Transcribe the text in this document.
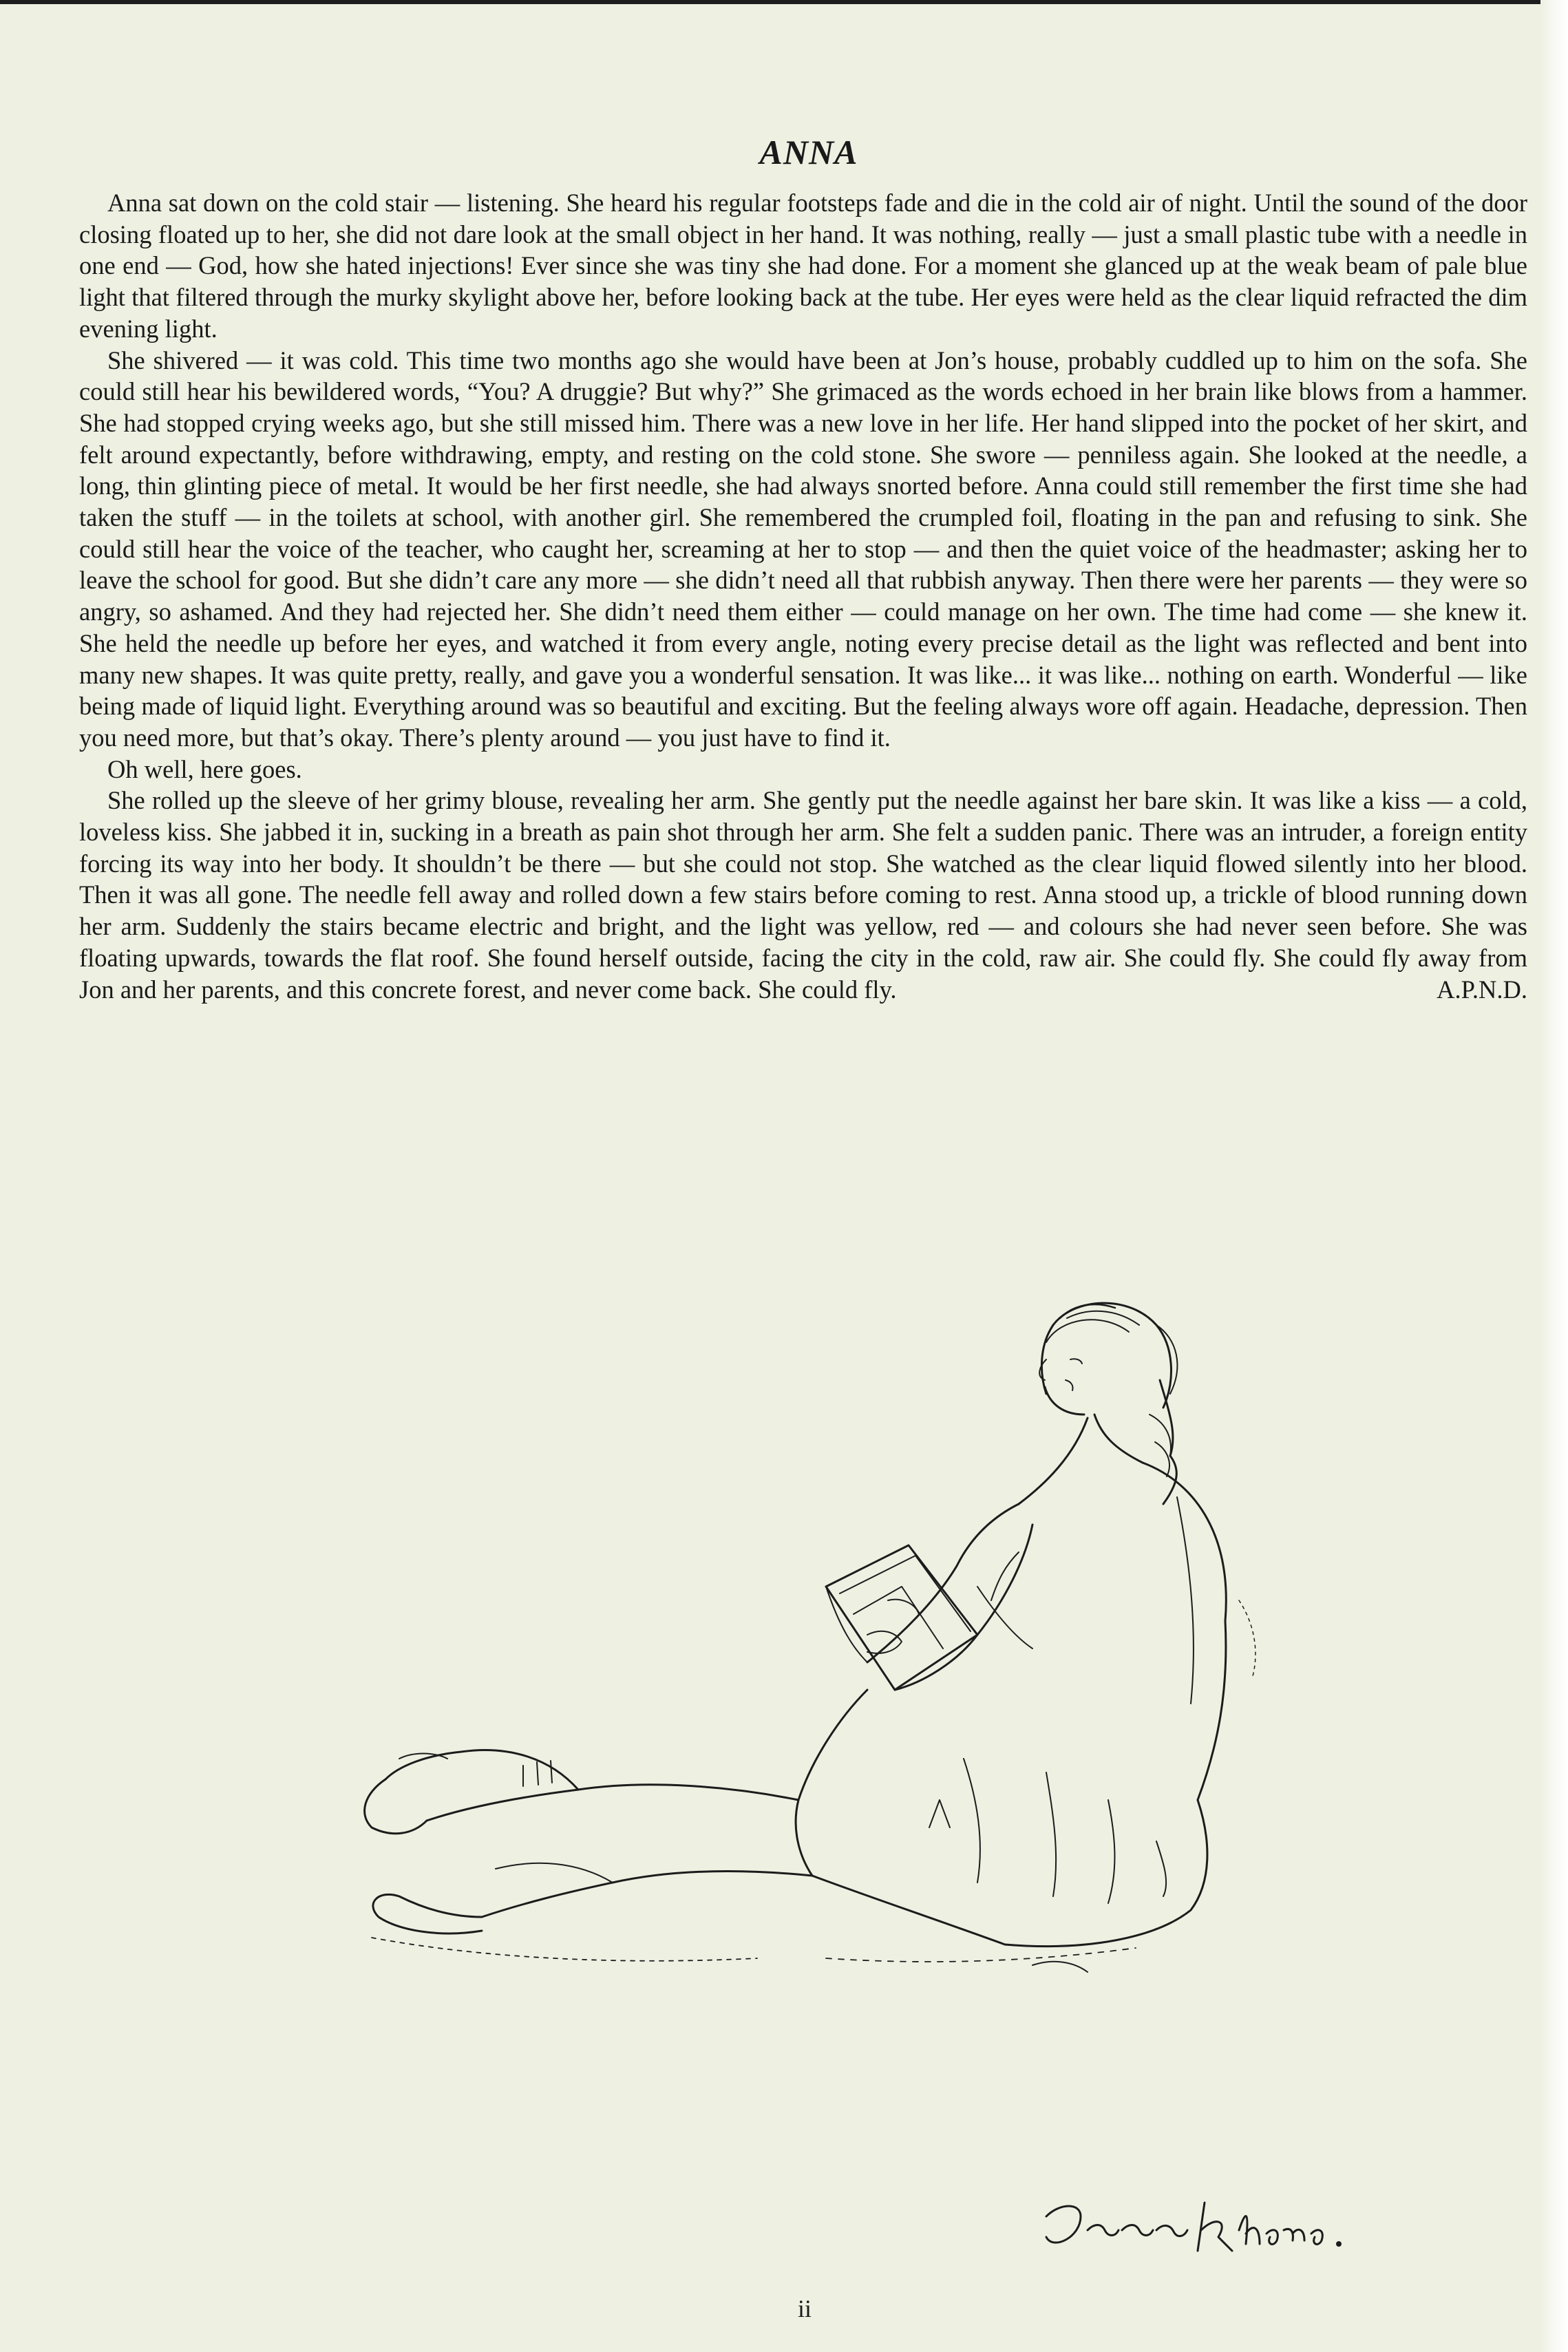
ANNA

Anna sat down on the cold stair — listening. She heard his regular footsteps fade and die in the cold air of night. Until the sound of the door closing floated up to her, she did not dare look at the small object in her hand. It was nothing, really — just a small plastic tube with a needle in one end — God, how she hated injections! Ever since she was tiny she had done. For a moment she glanced up at the weak beam of pale blue light that filtered through the murky skylight above her, before looking back at the tube. Her eyes were held as the clear liquid refracted the dim evening light.

She shivered — it was cold. This time two months ago she would have been at Jon’s house, probably cuddled up to him on the sofa. She could still hear his bewildered words, “You? A druggie? But why?” She grimaced as the words echoed in her brain like blows from a hammer. She had stopped crying weeks ago, but she still missed him. There was a new love in her life. Her hand slipped into the pocket of her skirt, and felt around expectantly, before withdrawing, empty, and resting on the cold stone. She swore — penniless again. She looked at the needle, a long, thin glinting piece of metal. It would be her first needle, she had always snorted before. Anna could still remember the first time she had taken the stuff — in the toilets at school, with another girl. She remembered the crumpled foil, floating in the pan and refusing to sink. She could still hear the voice of the teacher, who caught her, screaming at her to stop — and then the quiet voice of the headmaster; asking her to leave the school for good. But she didn’t care any more — she didn’t need all that rubbish anyway. Then there were her parents — they were so angry, so ashamed. And they had rejected her. She didn’t need them either — could manage on her own. The time had come — she knew it. She held the needle up before her eyes, and watched it from every angle, noting every precise detail as the light was reflected and bent into many new shapes. It was quite pretty, really, and gave you a wonderful sensation. It was like... it was like... nothing on earth. Wonderful — like being made of liquid light. Everything around was so beautiful and exciting. But the feeling always wore off again. Headache, depression. Then you need more, but that’s okay. There’s plenty around — you just have to find it.

Oh well, here goes.

She rolled up the sleeve of her grimy blouse, revealing her arm. She gently put the needle against her bare skin. It was like a kiss — a cold, loveless kiss. She jabbed it in, sucking in a breath as pain shot through her arm. She felt a sudden panic. There was an intruder, a foreign entity forcing its way into her body. It shouldn’t be there — but she could not stop. She watched as the clear liquid flowed silently into her blood. Then it was all gone. The needle fell away and rolled down a few stairs before coming to rest. Anna stood up, a trickle of blood running down her arm. Suddenly the stairs became electric and bright, and the light was yellow, red — and colours she had never seen before. She was floating upwards, towards the flat roof. She found herself outside, facing the city in the cold, raw air. She could fly. She could fly away from Jon and her parents, and this concrete forest, and never come back. She could fly.	A.P.N.D.

ii
